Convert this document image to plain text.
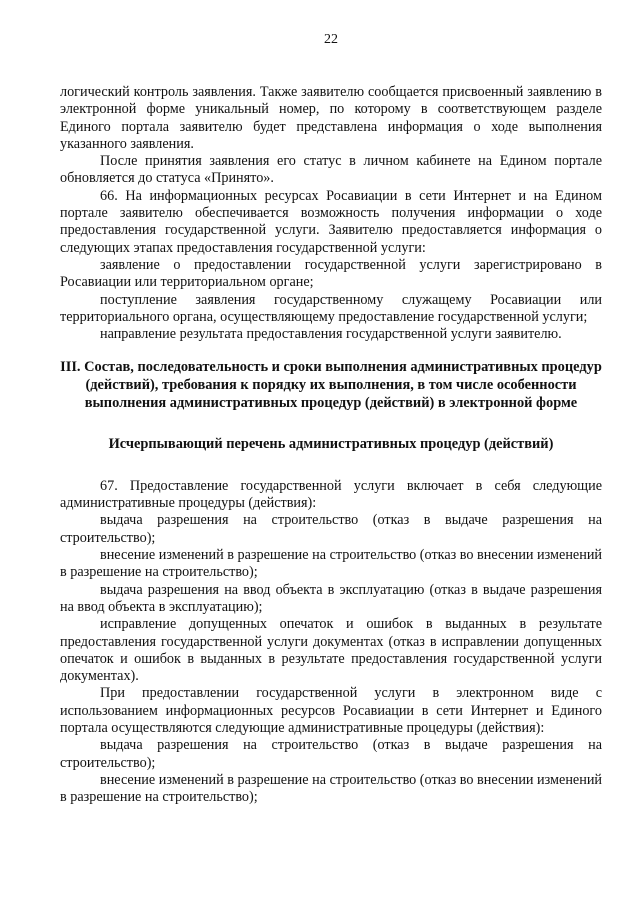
22

логический контроль заявления. Также заявителю сообщается присвоенный заявлению в электронной форме уникальный номер, по которому в соответствующем разделе Единого портала заявителю будет представлена информация о ходе выполнения указанного заявления.

После принятия заявления его статус в личном кабинете на Едином портале обновляется до статуса «Принято».

66. На информационных ресурсах Росавиации в сети Интернет и на Едином портале заявителю обеспечивается возможность получения информации о ходе предоставления государственной услуги. Заявителю предоставляется информация о следующих этапах предоставления государственной услуги:

заявление о предоставлении государственной услуги зарегистрировано в Росавиации или территориальном органе;

поступление заявления государственному служащему Росавиации или территориального органа, осуществляющему предоставление государственной услуги;

направление результата предоставления государственной услуги заявителю.

III. Состав, последовательность и сроки выполнения административных процедур (действий), требования к порядку их выполнения, в том числе особенности выполнения административных процедур (действий) в электронной форме
Исчерпывающий перечень административных процедур (действий)

67. Предоставление государственной услуги включает в себя следующие административные процедуры (действия):

выдача разрешения на строительство (отказ в выдаче разрешения на строительство);

внесение изменений в разрешение на строительство (отказ во внесении изменений в разрешение на строительство);

выдача разрешения на ввод объекта в эксплуатацию (отказ в выдаче разрешения на ввод объекта в эксплуатацию);

исправление допущенных опечаток и ошибок в выданных в результате предоставления государственной услуги документах (отказ в исправлении допущенных опечаток и ошибок в выданных в результате предоставления государственной услуги документах).

При предоставлении государственной услуги в электронном виде с использованием информационных ресурсов Росавиации в сети Интернет и Единого портала осуществляются следующие административные процедуры (действия):

выдача разрешения на строительство (отказ в выдаче разрешения на строительство);

внесение изменений в разрешение на строительство (отказ во внесении изменений в разрешение на строительство);
